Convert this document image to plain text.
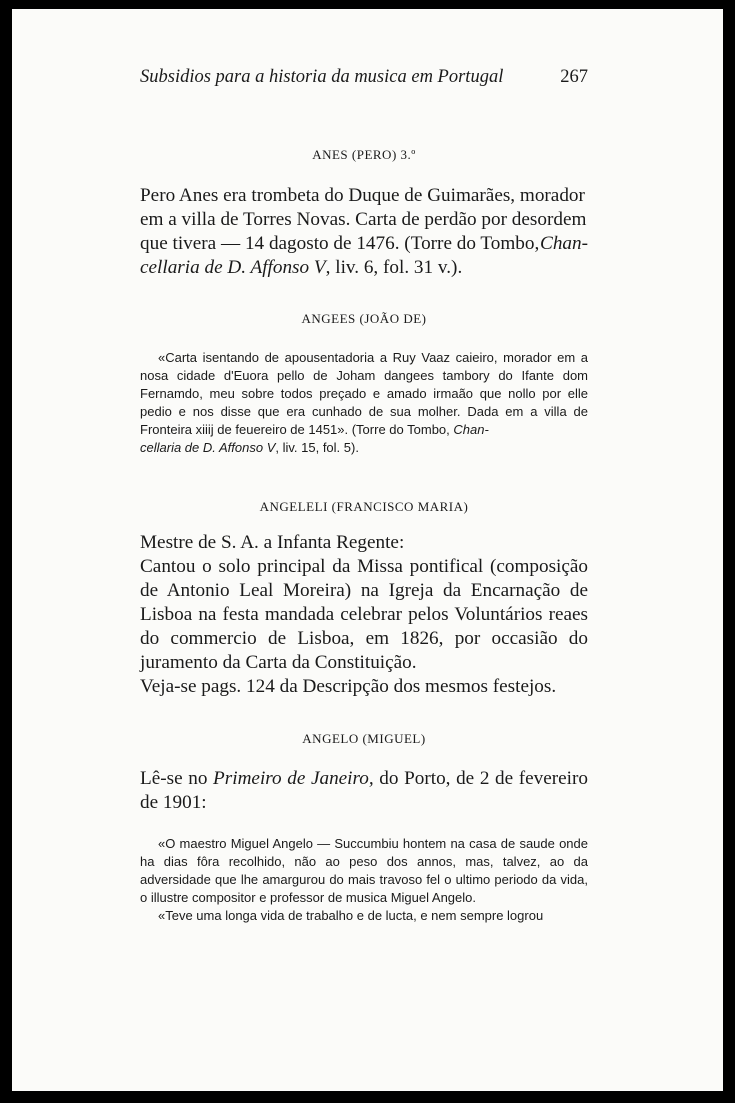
Subsidios para a historia da musica em Portugal	267
ANES (PERO) 3.º
Pero Anes era trombeta do Duque de Guimarães, morador
em a villa de Torres Novas. Carta de perdão por desordem
que tivera — 14 dagosto de 1476. (Torre do Tombo, Chan-
cellaria de D. Affonso V, liv. 6, fol. 31 v.).
ANGEES (JOÃO DE)

«Carta isentando de apousentadoria a Ruy Vaaz caieiro, morador em a nosa cidade d'Euora pello de Joham dangees tambory do Ifante dom Fernamdo, meu sobre todos preçado e amado irmaão que nollo por elle pedio e nos disse que era cunhado de sua molher. Dada em a villa de Fronteira xiiij de feuereiro de 1451». (Torre do Tombo, Chan-

cellaria de D. Affonso V, liv. 15, fol. 5).

ANGELELI (FRANCISCO MARIA)

Mestre de S. A. a Infanta Regente:

Cantou o solo principal da Missa pontifical (composição de Antonio Leal Moreira) na Igreja da Encarnação de Lisboa na festa mandada celebrar pelos Voluntários reaes do commercio de Lisboa, em 1826, por occasião do juramento da Carta da Constituição.

Veja-se pags. 124 da Descripção dos mesmos festejos.

ANGELO (MIGUEL)

Lê-se no Primeiro de Janeiro, do Porto, de 2 de fevereiro de 1901:

«O maestro Miguel Angelo — Succumbiu hontem na casa de saude onde ha dias fôra recolhido, não ao peso dos annos, mas, talvez, ao da adversidade que lhe amargurou do mais travoso fel o ultimo periodo da vida, o illustre compositor e professor de musica Miguel Angelo.

«Teve uma longa vida de trabalho e de lucta, e nem sempre logrou
